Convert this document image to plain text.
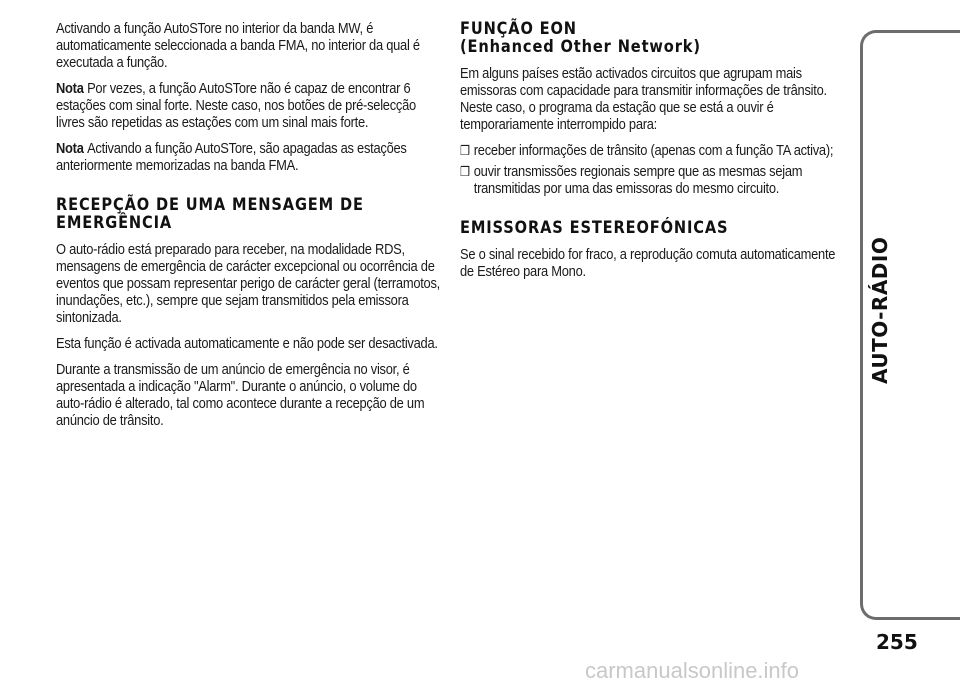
Activando a função AutoSTore no interior da banda MW, é automaticamente seleccionada a banda FMA, no interior da qual é executada a função.

Nota Por vezes, a função AutoSTore não é capaz de encontrar 6 estações com sinal forte. Neste caso, nos botões de pré-selecção livres são repetidas as estações com um sinal mais forte.

Nota Activando a função AutoSTore, são apagadas as estações anteriormente memorizadas na banda FMA.

RECEPÇÃO DE UMA MENSAGEM DE EMERGÊNCIA

O auto-rádio está preparado para receber, na modalidade RDS, mensagens de emergência de carácter excepcional ou ocorrência de eventos que possam representar perigo de carácter geral (terramotos, inundações, etc.), sempre que sejam transmitidos pela emissora sintonizada.

Esta função é activada automaticamente e não pode ser desactivada.

Durante a transmissão de um anúncio de emergência no visor, é apresentada a indicação "Alarm". Durante o anúncio, o volume do auto-rádio é alterado, tal como acontece durante a recepção de um anúncio de trânsito.

FUNÇÃO EON
(Enhanced Other Network)

Em alguns países estão activados circuitos que agrupam mais emissoras com capacidade para transmitir informações de trânsito. Neste caso, o programa da estação que se está a ouvir é temporariamente interrompido para:

❒ receber informações de trânsito (apenas com a função TA activa);
❒ ouvir transmissões regionais sempre que as mesmas sejam transmitidas por uma das emissoras do mesmo circuito.
EMISSORAS ESTEREOFÓNICAS

Se o sinal recebido for fraco, a reprodução comuta automaticamente de Estéreo para Mono.	AUTO-RÁDIO
255
carmanualsonline.info
